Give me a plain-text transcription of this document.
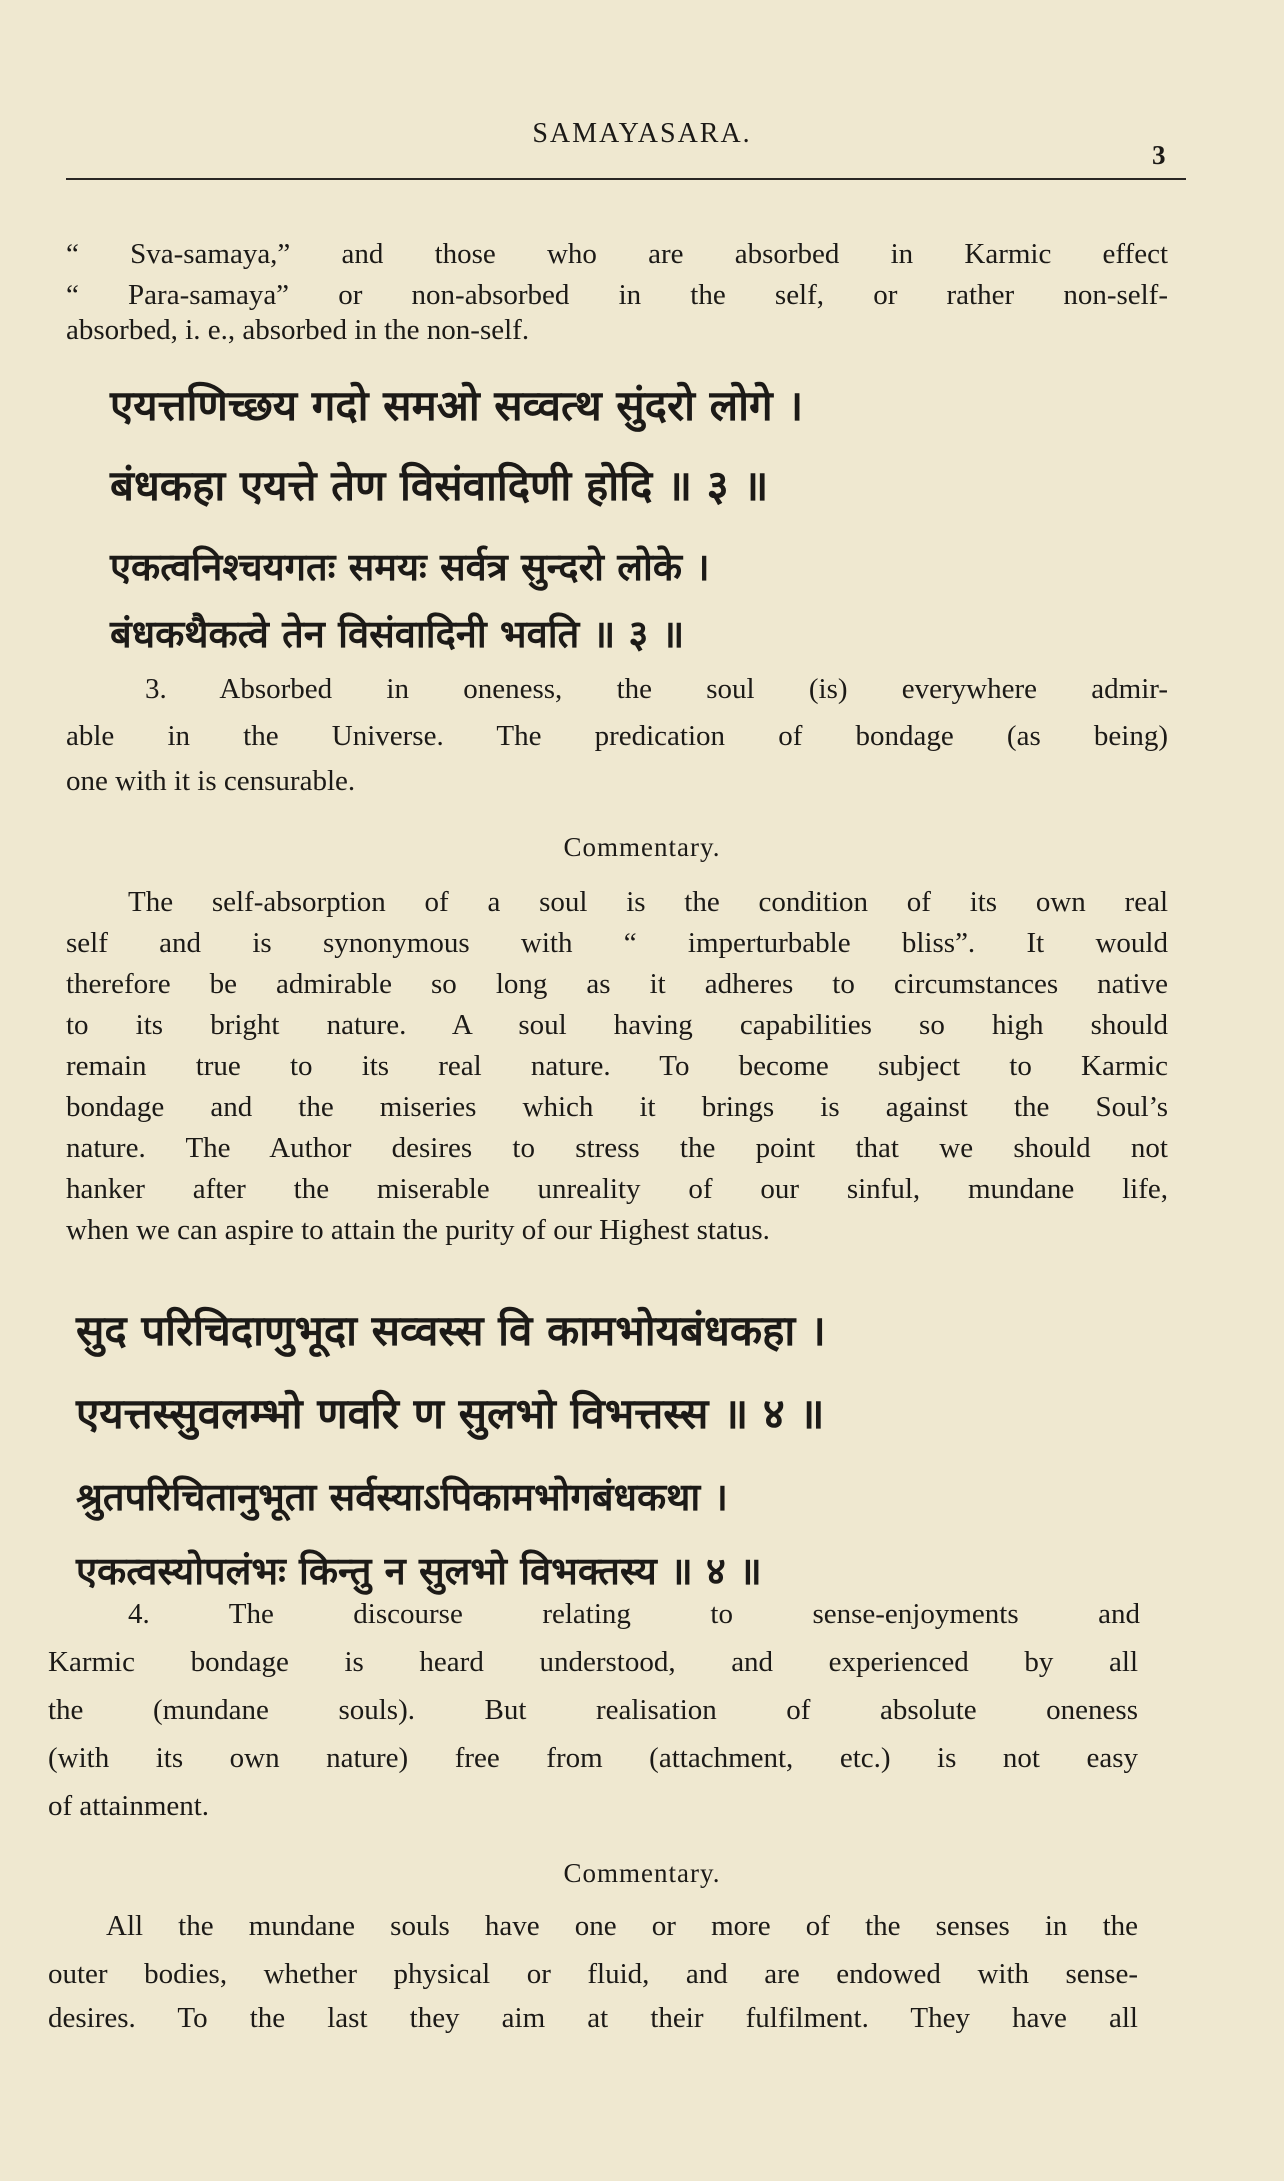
SAMAYASARA.
3
“ Sva-samaya,” and those who are absorbed in Karmic effect
“ Para-samaya” or non-absorbed in the self, or rather non-self-
absorbed, i. e., absorbed in the non-self.
एयत्तणिच्छय गदो समओ सव्वत्थ सुंदरो लोगे ।
बंधकहा एयत्ते तेण विसंवादिणी होदि ॥ ३ ॥
एकत्वनिश्चयगतः समयः सर्वत्र सुन्दरो लोके ।
बंधकथैकत्वे तेन विसंवादिनी भवति ॥ ३ ॥
3. Absorbed in oneness, the soul (is) everywhere admir-
able in the Universe. The predication of bondage (as being)
one with it is censurable.
Commentary.
The self-absorption of a soul is the condition of its own real
self and is synonymous with “ imperturbable bliss”. It would
therefore be admirable so long as it adheres to circumstances native
to its bright nature. A soul having capabilities so high should
remain true to its real nature. To become subject to Karmic
bondage and the miseries which it brings is against the Soul’s
nature. The Author desires to stress the point that we should not
hanker after the miserable unreality of our sinful, mundane life,
when we can aspire to attain the purity of our Highest status.
सुद परिचिदाणुभूदा सव्वस्स वि कामभोयबंधकहा ।
एयत्तस्सुवलम्भो णवरि ण सुलभो विभत्तस्स ॥ ४ ॥
श्रुतपरिचितानुभूता सर्वस्याऽपिकामभोगबंधकथा ।
एकत्वस्योपलंभः किन्तु न सुलभो विभक्तस्य ॥ ४ ॥
4. The discourse relating to sense-enjoyments and
Karmic bondage is heard understood, and experienced by all
the (mundane souls). But realisation of absolute oneness
(with its own nature) free from (attachment, etc.) is not easy
of attainment.
Commentary.
All the mundane souls have one or more of the senses in the
outer bodies, whether physical or fluid, and are endowed with sense-
desires. To the last they aim at their fulfilment. They have all
